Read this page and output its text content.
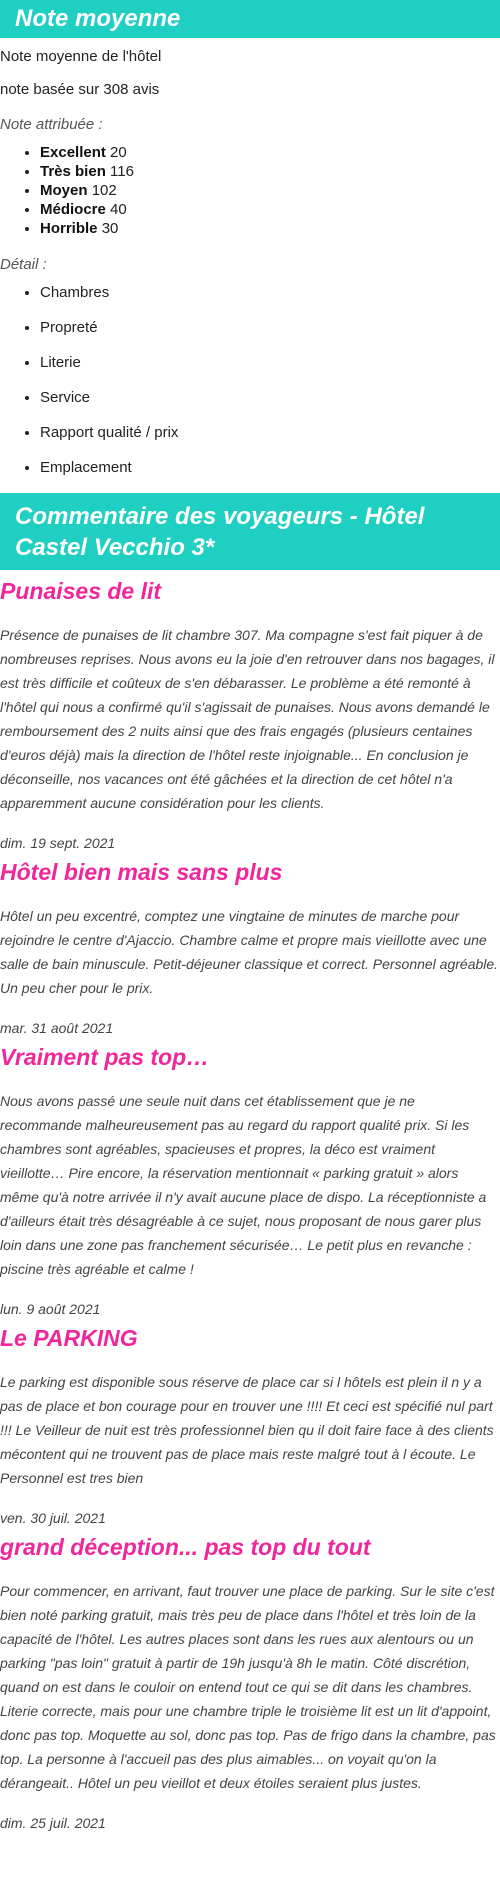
Note moyenne

Note moyenne de l'hôtel

note basée sur 308 avis

Note attribuée :

• Excellent 20
• Très bien 116
• Moyen 102
• Médiocre 40
• Horrible 30

Détail :

• Chambres
• Propreté
• Literie
• Service
• Rapport qualité / prix
• Emplacement
Commentaire des voyageurs - Hôtel Castel Vecchio 3*
Punaises de lit

Présence de punaises de lit chambre 307. Ma compagne s'est fait piquer à de nombreuses reprises. Nous avons eu la joie d'en retrouver dans nos bagages, il est très difficile et coûteux de s'en débarasser. Le problème a été remonté à l'hôtel qui nous a confirmé qu'il s'agissait de punaises. Nous avons demandé le remboursement des 2 nuits ainsi que des frais engagés (plusieurs centaines d'euros déjà) mais la direction de l'hôtel reste injoignable... En conclusion je déconseille, nos vacances ont été gâchées et la direction de cet hôtel n'a apparemment aucune considération pour les clients.

dim. 19 sept. 2021

Hôtel bien mais sans plus

Hôtel un peu excentré, comptez une vingtaine de minutes de marche pour rejoindre le centre d'Ajaccio. Chambre calme et propre mais vieillotte avec une salle de bain minuscule. Petit-déjeuner classique et correct. Personnel agréable. Un peu cher pour le prix.

mar. 31 août 2021

Vraiment pas top…

Nous avons passé une seule nuit dans cet établissement que je ne recommande malheureusement pas au regard du rapport qualité prix. Si les chambres sont agréables, spacieuses et propres, la déco est vraiment vieillotte… Pire encore, la réservation mentionnait « parking gratuit » alors même qu'à notre arrivée il n'y avait aucune place de dispo. La réceptionniste a d'ailleurs était très désagréable à ce sujet, nous proposant de nous garer plus loin dans une zone pas franchement sécurisée… Le petit plus en revanche : piscine très agréable et calme !

lun. 9 août 2021

Le PARKING

Le parking est disponible sous réserve de place car si l hôtels est plein il n y a pas de place et bon courage pour en trouver une !!!! Et ceci est spécifié nul part !!! Le Veilleur de nuit est très professionnel bien qu il doit faire face à des clients mécontent qui ne trouvent pas de place mais reste malgré tout à l écoute. Le Personnel est tres bien

ven. 30 juil. 2021

grand déception... pas top du tout

Pour commencer, en arrivant, faut trouver une place de parking. Sur le site c'est bien noté parking gratuit, mais très peu de place dans l'hôtel et très loin de la capacité de l'hôtel. Les autres places sont dans les rues aux alentours ou un parking "pas loin" gratuit à partir de 19h jusqu'à 8h le matin. Côté discrétion, quand on est dans le couloir on entend tout ce qui se dit dans les chambres. Literie correcte, mais pour une chambre triple le troisième lit est un lit d'appoint, donc pas top. Moquette au sol, donc pas top. Pas de frigo dans la chambre, pas top. La personne à l'accueil pas des plus aimables... on voyait qu'on la dérangeait.. Hôtel un peu vieillot et deux étoiles seraient plus justes.

dim. 25 juil. 2021
